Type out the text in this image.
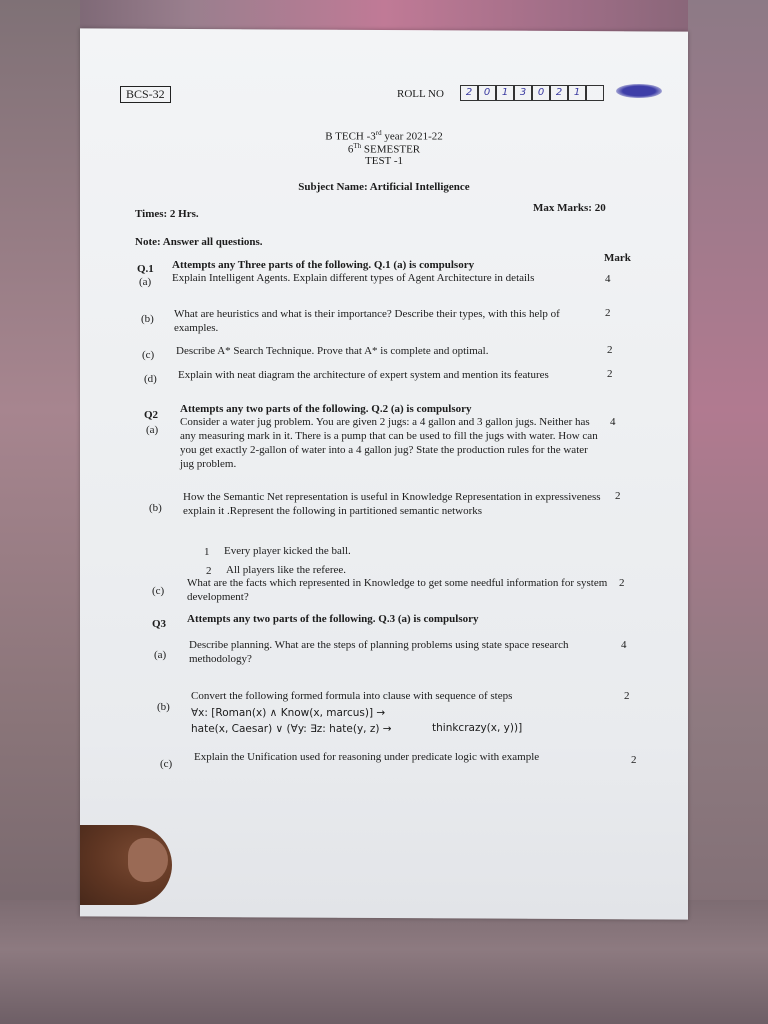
BCS-32	ROLL NO	2	0	1	3	0	2	1
B TECH -3rd year 2021-22
6Th SEMESTER
TEST -1
Subject Name: Artificial Intelligence
Times: 2 Hrs.	Max Marks: 20
Note: Answer all questions.
Mark
Q.1 Attempts any Three parts of the following. Q.1 (a) is compulsory
(a) Explain Intelligent Agents. Explain different types of Agent Architecture in details	4
(b) What are heuristics and what is their importance? Describe their types, with this help of examples.
2
(c) Describe A* Search Technique. Prove that A* is complete and optimal.	2
(d) Explain with neat diagram the architecture of expert system and mention its features	2
Q2 Attempts any two parts of the following. Q.2 (a) is compulsory
(a)
Consider a water jug problem. You are given 2 jugs: a 4 gallon and 3 gallon jugs. Neither has any measuring mark in it. There is a pump that can be used to fill the jugs with water. How can you get exactly 2-gallon of water into a 4 gallon jug? State the production rules for the water jug problem.
4
(b)
How the Semantic Net representation is useful in Knowledge Representation in expressiveness explain it .Represent the following in partitioned semantic networks
2
1 Every player kicked the ball.
2 All players like the referee.
(c)
What are the facts which represented in Knowledge to get some needful information for system development?
2
Q3 Attempts any two parts of the following. Q.3 (a) is compulsory
(a)
Describe planning. What are the steps of planning problems using state space research methodology?
4
(b)
Convert the following formed formula into clause with sequence of steps	2
∀x: [Roman(x) ∧ Know(x, marcus)] →
hate(x, Caesar) ∨ (∀y: ∃z: hate(y, z) →	thinkcrazy(x, y))]
(c)
Explain the Unification used for reasoning under predicate logic with example	2
